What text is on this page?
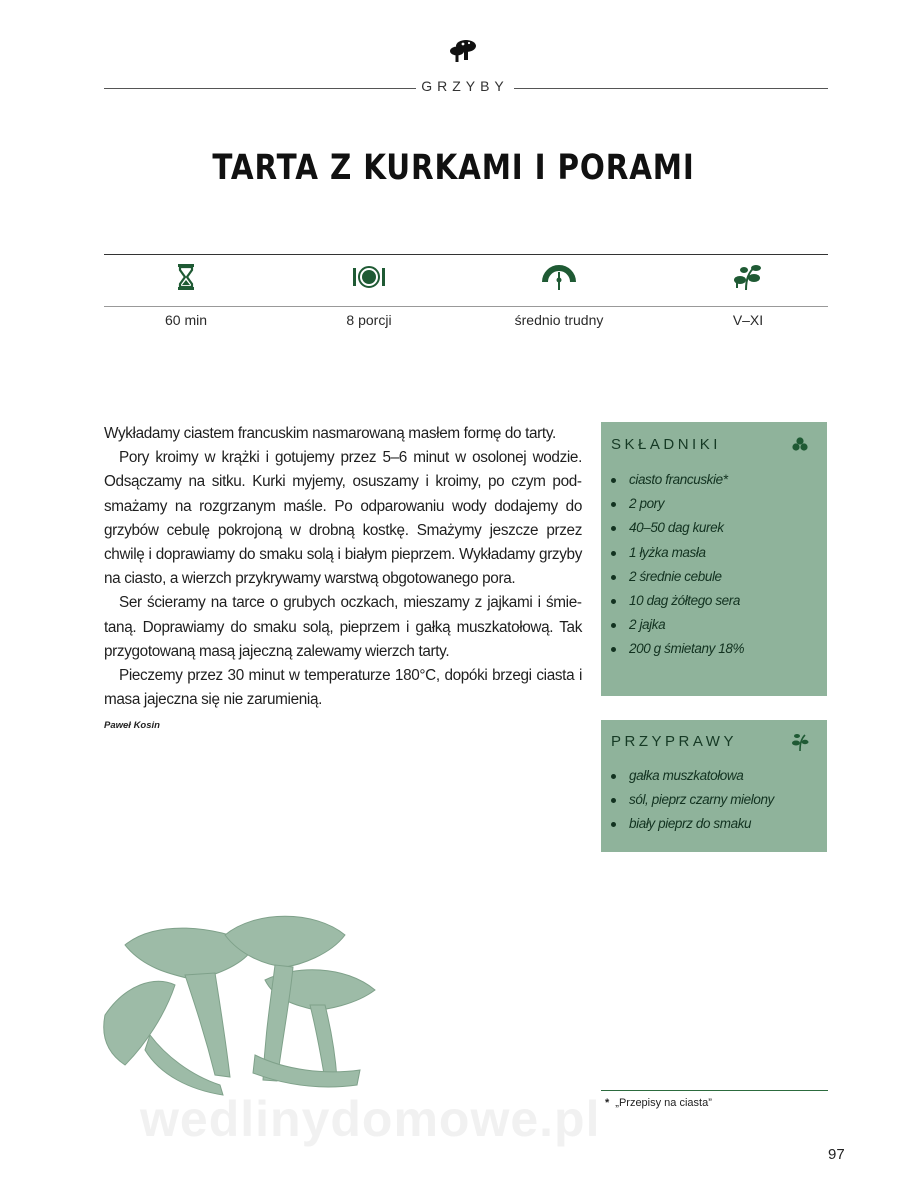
GRZYBY
TARTA Z KURKAMI I PORAMI
60 min	8 porcji	średnio trudny	V–XI

Wykładamy ciastem francuskim nasmarowaną masłem formę do tarty.

Pory kroimy w krążki i gotujemy przez 5–6 minut w osolonej wodzie. Odsączamy na sitku. Kurki myjemy, osuszamy i kroimy, po czym podsmażamy na rozgrzanym maśle. Po odparowaniu wody dodajemy do grzybów cebulę pokrojoną w drobną kostkę. Smażymy jeszcze przez chwilę i doprawiamy do smaku solą i białym pieprzem. Wykładamy grzyby na ciasto, a wierzch przykrywamy warstwą obgotowanego pora.

Ser ścieramy na tarce o grubych oczkach, mieszamy z jajkami i śmietaną. Doprawiamy do smaku solą, pieprzem i gałką muszkatołową. Tak przygotowaną masą jajeczną zalewamy wierzch tarty.

Pieczemy przez 30 minut w temperaturze 180°C, dopóki brzegi ciasta i masa jajeczna się nie zarumienią.

Paweł Kosin
SKŁADNIKI
ciasto francuskie*
2 pory
40–50 dag kurek
1 łyżka masła
2 średnie cebule
10 dag żółtego sera
2 jajka
200 g śmietany 18%
PRZYPRAWY
gałka muszkatołowa
sól, pieprz czarny mielony
biały pieprz do smaku
* „Przepisy na ciasta”
wedlinydomowe.pl
97
